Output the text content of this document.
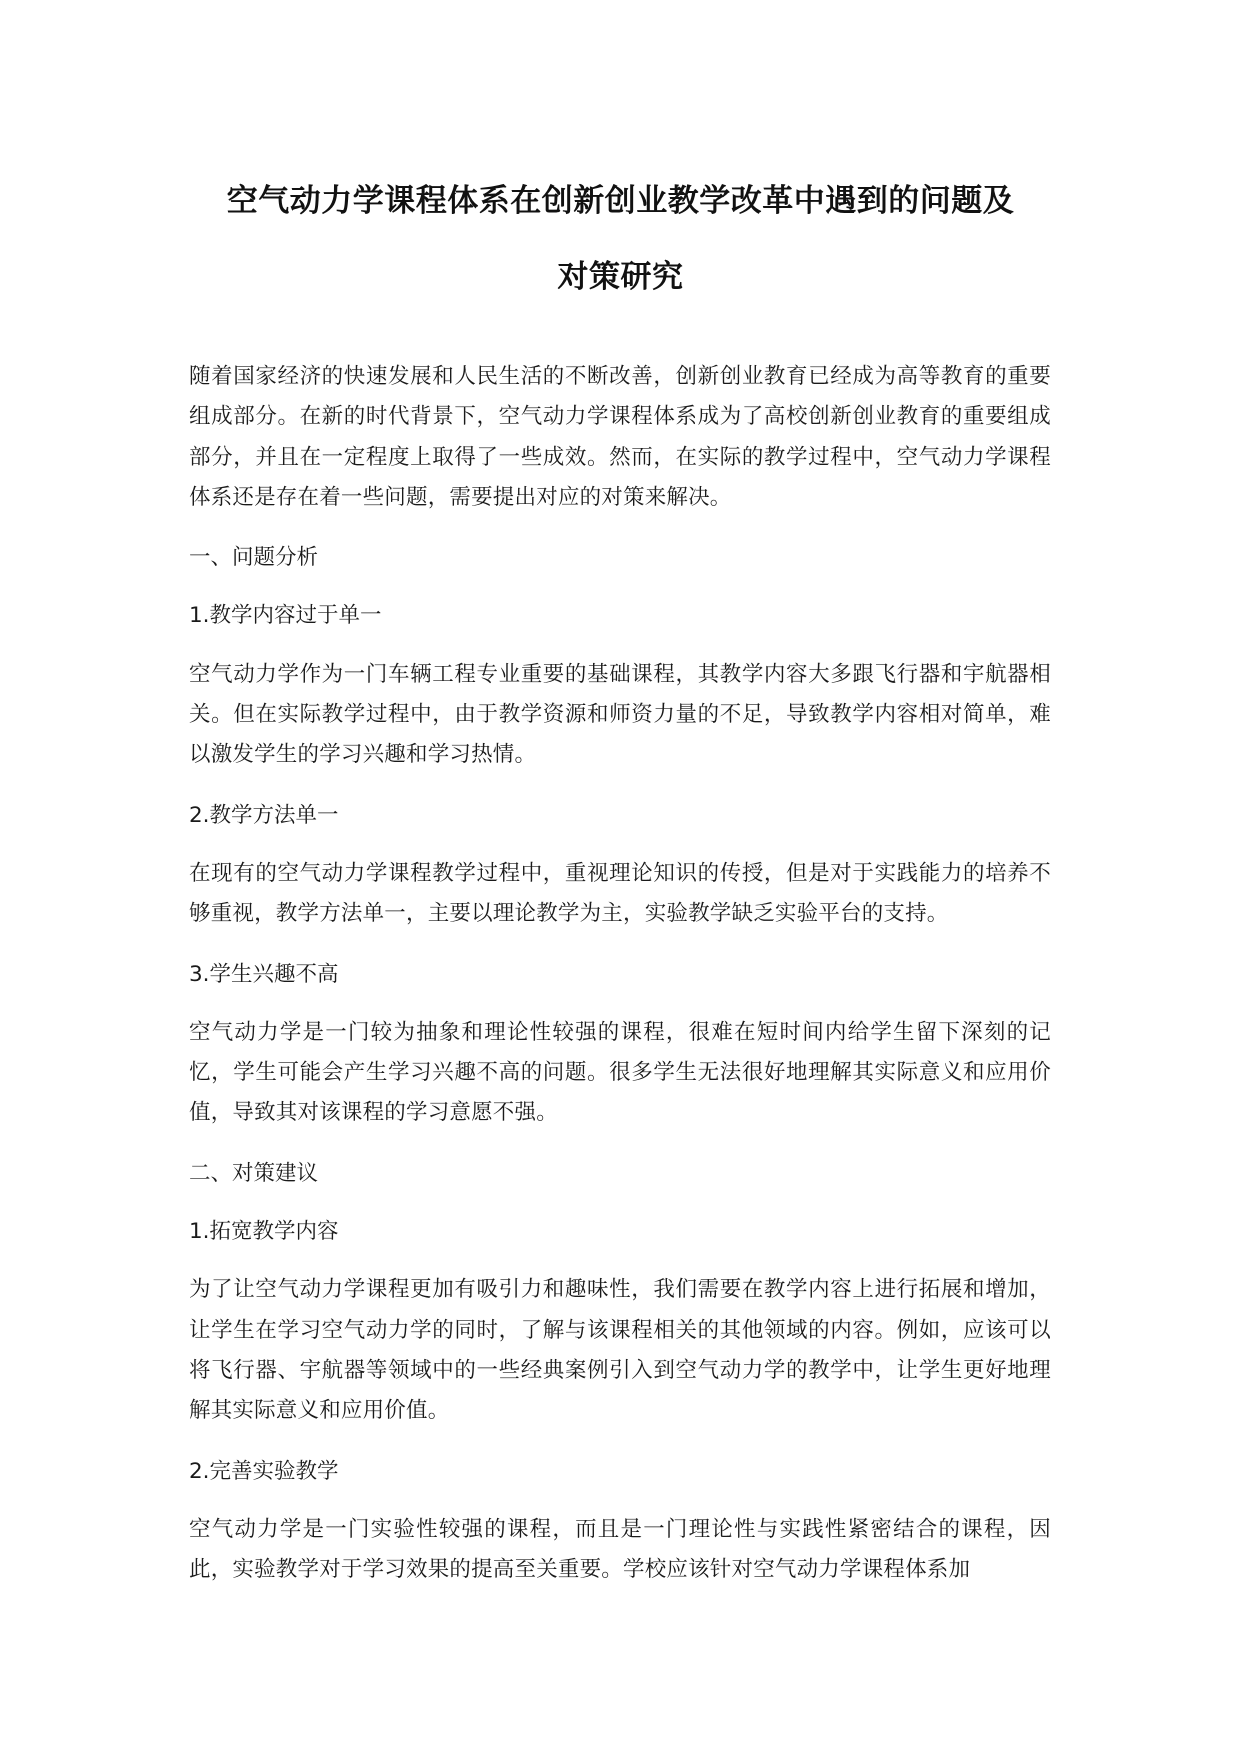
空气动力学课程体系在创新创业教学改革中遇到的问题及
对策研究

随着国家经济的快速发展和人民生活的不断改善，创新创业教育已经成为高等教育的重要组成部分。在新的时代背景下，空气动力学课程体系成为了高校创新创业教育的重要组成部分，并且在一定程度上取得了一些成效。然而，在实际的教学过程中，空气动力学课程体系还是存在着一些问题，需要提出对应的对策来解决。

一、问题分析

1.教学内容过于单一

空气动力学作为一门车辆工程专业重要的基础课程，其教学内容大多跟飞行器和宇航器相关。但在实际教学过程中，由于教学资源和师资力量的不足，导致教学内容相对简单，难以激发学生的学习兴趣和学习热情。

2.教学方法单一

在现有的空气动力学课程教学过程中，重视理论知识的传授，但是对于实践能力的培养不够重视，教学方法单一，主要以理论教学为主，实验教学缺乏实验平台的支持。

3.学生兴趣不高

空气动力学是一门较为抽象和理论性较强的课程，很难在短时间内给学生留下深刻的记忆，学生可能会产生学习兴趣不高的问题。很多学生无法很好地理解其实际意义和应用价值，导致其对该课程的学习意愿不强。

二、对策建议

1.拓宽教学内容

为了让空气动力学课程更加有吸引力和趣味性，我们需要在教学内容上进行拓展和增加，让学生在学习空气动力学的同时，了解与该课程相关的其他领域的内容。例如，应该可以将飞行器、宇航器等领域中的一些经典案例引入到空气动力学的教学中，让学生更好地理解其实际意义和应用价值。

2.完善实验教学

空气动力学是一门实验性较强的课程，而且是一门理论性与实践性紧密结合的课程，因此，实验教学对于学习效果的提高至关重要。学校应该针对空气动力学课程体系加
